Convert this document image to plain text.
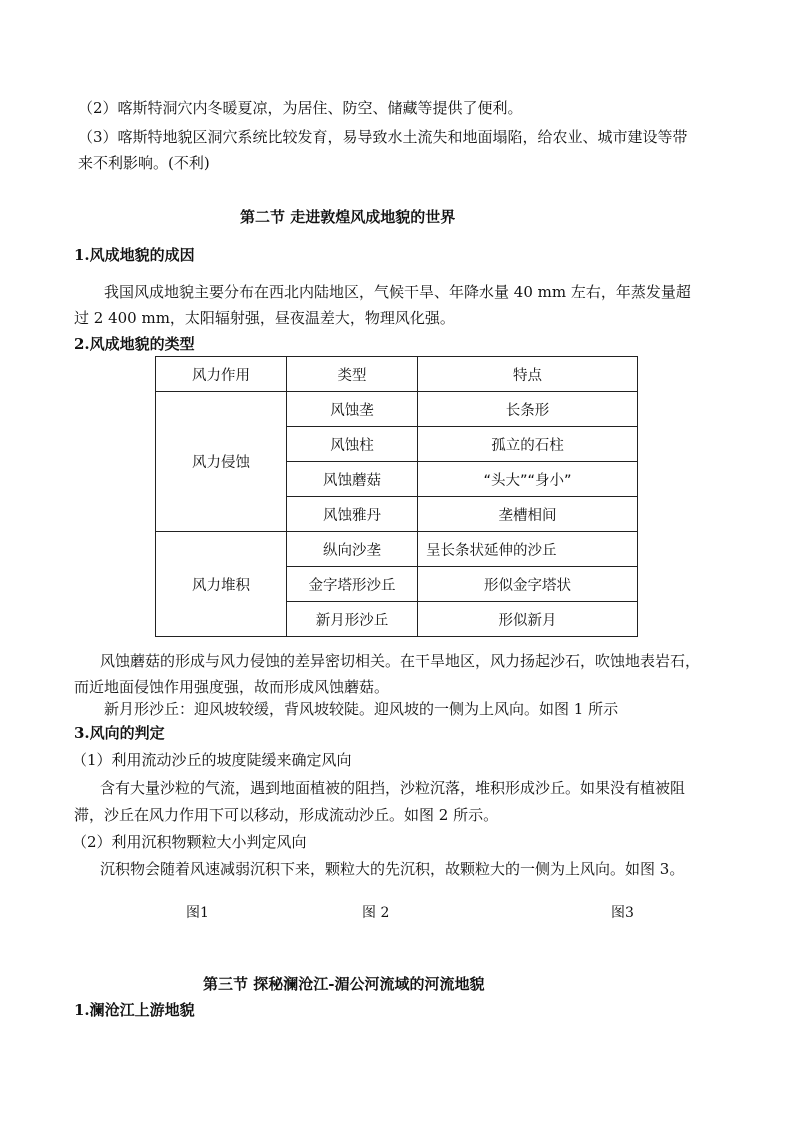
（2）喀斯特洞穴内冬暖夏凉，为居住、防空、储藏等提供了便利。
（3）喀斯特地貌区洞穴系统比较发育，易导致水土流失和地面塌陷，给农业、城市建设等带
来不利影响。(不利)
第二节 走进敦煌风成地貌的世界
1.风成地貌的成因
我国风成地貌主要分布在西北内陆地区，气候干旱、年降水量 40 mm 左右，年蒸发量超
过 2 400 mm，太阳辐射强，昼夜温差大，物理风化强。
2.风成地貌的类型
风力作用	类型	特点
风力侵蚀	风蚀垄	长条形
	风蚀柱	孤立的石柱
	风蚀蘑菇	“头大”“身小”
	风蚀雅丹	垄槽相间
风力堆积	纵向沙垄	呈长条状延伸的沙丘
	金字塔形沙丘	形似金字塔状
	新月形沙丘	形似新月
风蚀蘑菇的形成与风力侵蚀的差异密切相关。在干旱地区，风力扬起沙石，吹蚀地表岩石，
而近地面侵蚀作用强度强，故而形成风蚀蘑菇。
新月形沙丘：迎风坡较缓，背风坡较陡。迎风坡的一侧为上风向。如图 1 所示
3.风向的判定
（1）利用流动沙丘的坡度陡缓来确定风向
含有大量沙粒的气流，遇到地面植被的阻挡，沙粒沉落，堆积形成沙丘。如果没有植被阻
滞，沙丘在风力作用下可以移动，形成流动沙丘。如图 2 所示。
（2）利用沉积物颗粒大小判定风向
沉积物会随着风速减弱沉积下来，颗粒大的先沉积，故颗粒大的一侧为上风向。如图 3。
图1	图 2	图3
第三节 探秘澜沧江-湄公河流域的河流地貌
1.澜沧江上游地貌
